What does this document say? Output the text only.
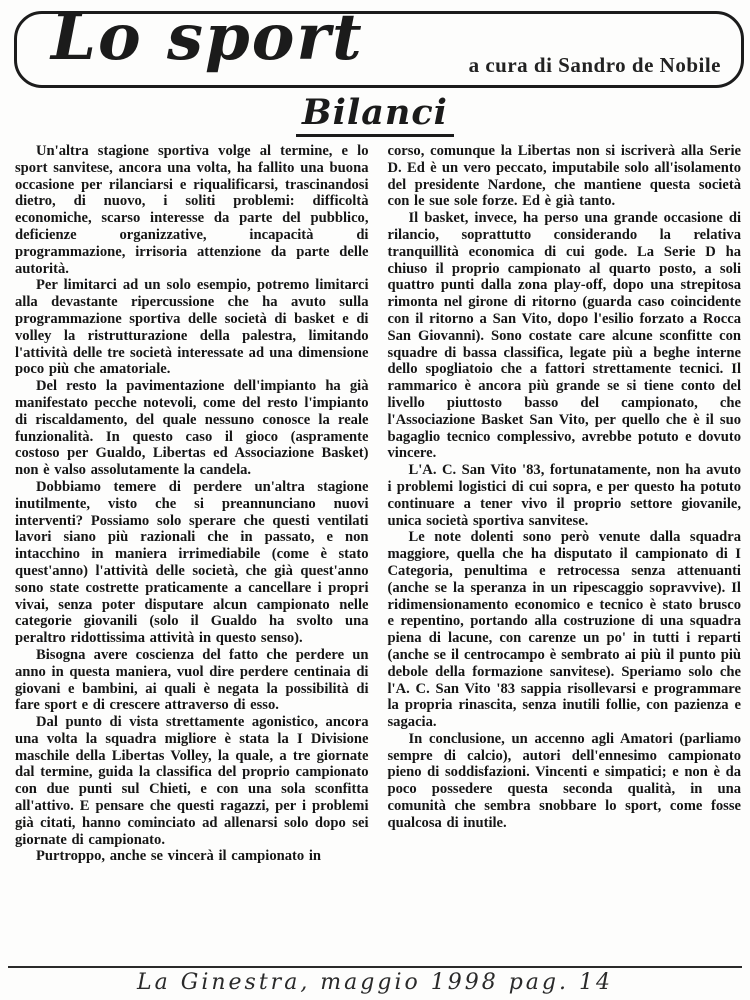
Lo sport	a cura di Sandro de Nobile
Bilanci

Un'altra stagione sportiva volge al termine, e lo sport sanvitese, ancora una volta, ha fallito una buona occasione per rilanciarsi e riqualificarsi, trascinandosi dietro, di nuovo, i soliti problemi: difficoltà economiche, scarso interesse da parte del pubblico, deficienze organizzative, incapacità di programmazione, irrisoria attenzione da parte delle autorità.

Per limitarci ad un solo esempio, potremo limitarci alla devastante ripercussione che ha avuto sulla programmazione sportiva delle società di basket e di volley la ristrutturazione della palestra, limitando l'attività delle tre società interessate ad una dimensione poco più che amatoriale.

Del resto la pavimentazione dell'impianto ha già manifestato pecche notevoli, come del resto l'impianto di riscaldamento, del quale nessuno conosce la reale funzionalità. In questo caso il gioco (aspramente costoso per Gualdo, Libertas ed Associazione Basket) non è valso assolutamente la candela.

Dobbiamo temere di perdere un'altra stagione inutilmente, visto che si preannunciano nuovi interventi? Possiamo solo sperare che questi ventilati lavori siano più razionali che in passato, e non intacchino in maniera irrimediabile (come è stato quest'anno) l'attività delle società, che già quest'anno sono state costrette praticamente a cancellare i propri vivai, senza poter disputare alcun campionato nelle categorie giovanili (solo il Gualdo ha svolto una peraltro ridottissima attività in questo senso).

Bisogna avere coscienza del fatto che perdere un anno in questa maniera, vuol dire perdere centinaia di giovani e bambini, ai quali è negata la possibilità di fare sport e di crescere attraverso di esso.

Dal punto di vista strettamente agonistico, ancora una volta la squadra migliore è stata la I Divisione maschile della Libertas Volley, la quale, a tre giornate dal termine, guida la classifica del proprio campionato con due punti sul Chieti, e con una sola sconfitta all'attivo. E pensare che questi ragazzi, per i problemi già citati, hanno cominciato ad allenarsi solo dopo sei giornate di campionato.

Purtroppo, anche se vincerà il campionato in

corso, comunque la Libertas non si iscriverà alla Serie D. Ed è un vero peccato, imputabile solo all'isolamento del presidente Nardone, che mantiene questa società con le sue sole forze. Ed è già tanto.

Il basket, invece, ha perso una grande occasione di rilancio, soprattutto considerando la relativa tranquillità economica di cui gode. La Serie D ha chiuso il proprio campionato al quarto posto, a soli quattro punti dalla zona play-off, dopo una strepitosa rimonta nel girone di ritorno (guarda caso coincidente con il ritorno a San Vito, dopo l'esilio forzato a Rocca San Giovanni). Sono costate care alcune sconfitte con squadre di bassa classifica, legate più a beghe interne dello spogliatoio che a fattori strettamente tecnici. Il rammarico è ancora più grande se si tiene conto del livello piuttosto basso del campionato, che l'Associazione Basket San Vito, per quello che è il suo bagaglio tecnico complessivo, avrebbe potuto e dovuto vincere.

L'A. C. San Vito '83, fortunatamente, non ha avuto i problemi logistici di cui sopra, e per questo ha potuto continuare a tener vivo il proprio settore giovanile, unica società sportiva sanvitese.

Le note dolenti sono però venute dalla squadra maggiore, quella che ha disputato il campionato di I Categoria, penultima e retrocessa senza attenuanti (anche se la speranza in un ripescaggio sopravvive). Il ridimensionamento economico e tecnico è stato brusco e repentino, portando alla costruzione di una squadra piena di lacune, con carenze un po' in tutti i reparti (anche se il centrocampo è sembrato ai più il punto più debole della formazione sanvitese). Speriamo solo che l'A. C. San Vito '83 sappia risollevarsi e programmare la propria rinascita, senza inutili follie, con pazienza e sagacia.

In conclusione, un accenno agli Amatori (parliamo sempre di calcio), autori dell'ennesimo campionato pieno di soddisfazioni. Vincenti e simpatici; e non è da poco possedere questa seconda qualità, in una comunità che sembra snobbare lo sport, come fosse qualcosa di inutile.

La Ginestra, maggio 1998 pag. 14
